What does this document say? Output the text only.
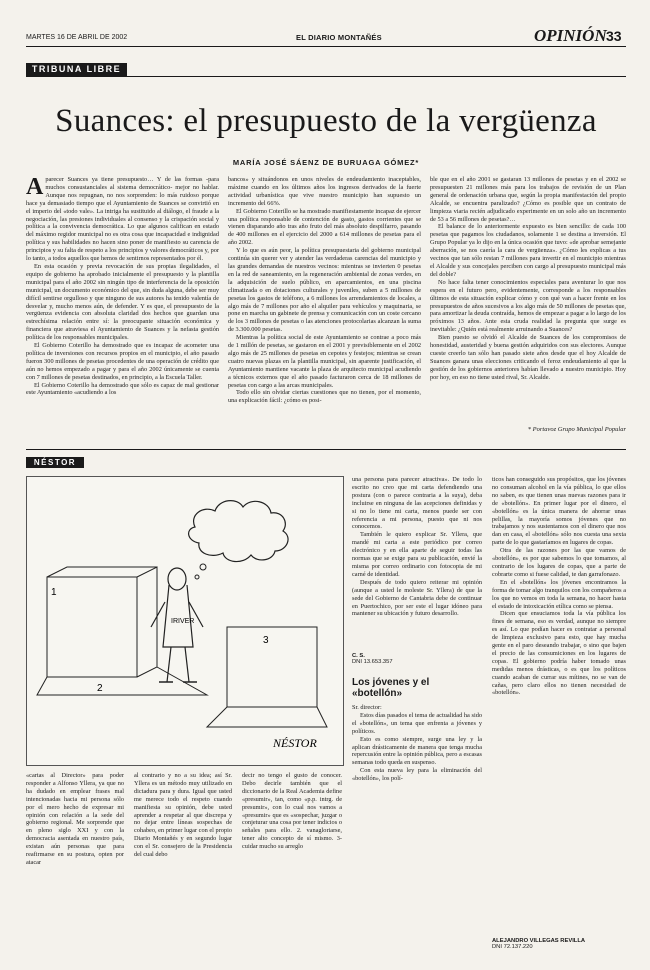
MARTES 16 DE ABRIL DE 2002	EL DIARIO MONTAÑÉS	OPINIÓN 33
TRIBUNA LIBRE
Suances: el presupuesto de la vergüenza
MARÍA JOSÉ SÁENZ DE BURUAGA GÓMEZ*

Aparecer Suances ya tiene presupuesto… Y de las formas -para muchos consustanciales al sistema democrático- mejor no hablar. Aunque nos repugnan, no nos sorprenden: lo más ruidoso porque hace ya demasiado tiempo que el Ayuntamiento de Suances se convirtió en el imperio del «todo vale». La intriga ha sustituido al diálogo, el fraude a la negociación, las presiones individuales al consenso y la crispación social y política a la convivencia democrática. Lo que algunos califican en estado del máximo regidor municipal no es otra cosa que incapacidad e indignidad política y sus habilidades no hacen sino poner de manifiesto su carencia de principios y su falta de respeto a los principios y valores democráticos y, por lo tanto, a todos aquellos que hemos de sentirnos representados por él.

En esta ocasión y previa revocación de sus propias ilegalidades, el equipo de gobierno ha aprobado inicialmente el presupuesto y la plantilla municipal para el año 2002 sin ningún tipo de interferencia de la oposición municipal, un documento económico del que, sin duda alguna, debe ser muy difícil sentirse orgulloso y que ninguno de sus autores ha tenido valentía de desvelar y, mucho menos aún, de defender. Y es que, el presupuesto de la vergüenza evidencia con absoluta claridad dos hechos que guardan una estrechísima relación entre sí: la preocupante situación económica y financiera que atraviesa el Ayuntamiento de Suances y la nefasta gestión política de los responsables municipales.

El Gobierno Coterillo ha demostrado que es incapaz de acometer una política de inversiones con recursos propios en el municipio, el año pasado fueron 300 millones de pesetas procedentes de una operación de crédito que aún no hemos empezado a pagar y para el año 2002 únicamente se cuenta con 7 millones de pesetas destinados, en principio, a la Escuela Taller.

El Gobierno Coterillo ha demostrado que sólo es capaz de mal gestionar este Ayuntamiento «acudiendo a los

bancos» y situándonos en unos niveles de endeudamiento inaceptables, máxime cuando en los últimos años los ingresos derivados de la fuerte actividad urbanística que vive nuestro municipio han supuesto un incremento del 66%.

El Gobierno Coterillo se ha mostrado manifiestamente incapaz de ejercer una política responsable de contención de gasto, gastos corrientes que se vienen disparando año tras año fruto del más absoluto despilfarro, pasando de 400 millones en el ejercicio del 2000 a 614 millones de pesetas para el año 2002.

Y lo que es aún peor, la política presupuestaria del gobierno municipal continúa sin querer ver y atender las verdaderas carencias del municipio y las grandes demandas de nuestros vecinos: mientras se invierten 0 pesetas en la red de saneamiento, en la regeneración ambiental de zonas verdes, en la adquisición de suelo público, en aparcamientos, en una piscina climatizada o en dotaciones culturales y juveniles, suben a 5 millones de pesetas los gastos de teléfono, a 6 millones los arrendamientos de locales, a algo más de 7 millones por año el alquiler para vehículos y maquinaria, se pone en marcha un gabinete de prensa y comunicación con un coste cercano de los 3 millones de pesetas o las atenciones protocolarias alcanzan la suma de 3.300.000 pesetas.

Mientras la política social de este Ayuntamiento se contrae a poco más de 1 millón de pesetas, se gastaron en el 2001 y previsiblemente en el 2002 algo más de 25 millones de pesetas en cepotes y festejos; mientras se crean cuatro nuevas plazas en la plantilla municipal, sin aparente justificación, el Ayuntamiento mantiene vacante la plaza de arquitecto municipal acudiendo a técnicos externos que el año pasado facturaron cerca de 18 millones de pesetas con cargo a las arcas municipales.

Todo ello sin olvidar ciertas cuestiones que no tienen, por el momento, una explicación fácil: ¿cómo es posi-

ble que en el año 2001 se gastaran 13 millones de pesetas y en el 2002 se presupuesten 21 millones más para los trabajos de revisión de un Plan general de ordenación urbana que, según la propia manifestación del propio Alcalde, se encuentra paralizado? ¿Cómo es posible que un contrato de limpieza viaria recién adjudicado experimente en un solo año un incremento de 53 a 56 millones de pesetas?…

El balance de lo anteriormente expuesto es bien sencillo: de cada 100 pesetas que pagamos los ciudadanos, solamente 1 se destina a inversión. El Grupo Popular ya lo dijo en la única ocasión que tuvo: «de aprobar semejante aberración, se nos caería la cara de vergüenza». ¿Cómo les explicas a tus vecinos que tan sólo restan 7 millones para invertir en el municipio mientras el Alcalde y sus concejales perciben con cargo al presupuesto municipal más del doble?

No hace falta tener conocimientos especiales para aventurar lo que nos espera en el futuro pero, evidentemente, corresponde a los responsables últimos de esta situación explicar cómo y con qué van a hacer frente en los presupuestos de años sucesivos a los algo más de 50 millones de pesetas que, para amortizar la deuda contraída, hemos de empezar a pagar a lo largo de los próximos 13 años. Ante esta cruda realidad la pregunta que surge es inevitable: ¿Quién está realmente arruinando a Suances?

Bien puesto se olvidó el Alcalde de Suances de los compromisos de honestidad, austeridad y buena gestión adquiridos con sus electores. Aunque cueste creerlo tan sólo han pasado siete años desde que el hoy Alcalde de Suances ganara unas elecciones criticando el feroz endeudamiento al que la gestión de los gobiernos anteriores habían llevado a nuestro municipio. Hoy por hoy, en eso no tiene usted rival, Sr. Alcalde.

* Portavoz Grupo Municipal Popular
NÉSTOR
IRIVER
1
2
3
NÉSTOR

una persona para parecer atractiva». De todo lo escrito no creo que mi carta defendiendo una postura (con o parece contraria a la suya), deba incluirse en ninguna de las acepciones definidas y si no lo tiene mi carta, menos puede ser con referencia a mi persona, puesto que ni nos conocemos.

También le quiero explicar Sr. Yllera, que mandé mi carta a este periódico por correo electrónico y en ella aparte de seguir todas las normas que se exige para su publicación, envié la misma por correo ordinario con fotocopia de mi carné de identidad.

Después de todo quiero reiterar mi opinión (aunque a usted le moleste Sr. Yllera) de que la sede del Gobierno de Cantabria debe de continuar en Puertochico, por ser este el lugar idóneo para mantener su ubicación y futuro desarrollo.

C. S.
DNI 13.653.357
Los jóvenes y el «botellón»

Sr. director:

Estos días pasados el tema de actualidad ha sido el «botellón», un tema que enfrenta a jóvenes y políticos.

Esto es como siempre, surge una ley y la aplican drásticamente de manera que tenga mucha repercusión entre la opinión pública, pero a escasas semanas todo queda en suspenso.

Con esta nueva ley para la eliminación del «botellón», los polí-

ticos han conseguido sus propósitos, que los jóvenes no consuman alcohol en la vía pública, lo que ellos no saben, es que tienen unas nuevas razones para ir de «botellón». En primer lugar por el dinero, el «botellón» es la única manera de ahorrar unas pelillas, la mayoría somos jóvenes que no trabajamos y nos sustentamos con el dinero que nos dan en casa, el «botellón» sólo nos cuesta una sexta parte de lo que gastaríamos en lugares de copas.

Otra de las razones por las que vamos de «botellón», es por que sabemos lo que tomamos, al contrario de los lugares de copas, que a parte de cobrarte como si fuese calidad, te dan garrafonazo.

En el «botellón» los jóvenes encontramos la forma de tomar algo tranquilos con los compañeros a los que no vemos en toda la semana, no hacer hasta el estado de intoxicación etílica como se piensa.

Dicen que ensuciamos toda la vía pública los fines de semana, eso es verdad, aunque no siempre es así. Lo que podían hacer es contratar a personal de limpieza exclusivo para esto, que hay mucha gente en el paro deseando trabajar, o sino que bajen el precio de las consumiciones en los lugares de copas. El gobierno podría haber tomado unas medidas menos drásticas, o es que los políticos cuando acaban de currar sus mítines, no se van de cañas, pero claro ellos no tienen necesidad de «botellón».

ALEJANDRO VILLEGAS REVILLA
DNI 72.137.220

«cartas al Director» para poder responder a Alfonso Yllera, ya que no ha dudado en emplear frases mal intencionadas hacia mi persona sólo por el mero hecho de expresar mi opinión con relación a la sede del gobierno regional. Me sorprende que en pleno siglo XXI y con la democracia asentada en nuestro país, existan aún personas que para reafirmarse en su postura, opten por atacar

al contrario y no a su idea; así Sr. Yllera es un método muy utilizado en dictadura para y dura. Igual que usted me merece todo el respeto cuando manifiesta su opinión, debe usted aprender a respetar al que discrepa y no dejar entre líneas sospechas de cohabeo, en primer lugar con el propio Diario Montañés y en segundo lugar con el Sr. consejero de la Presidencia del cual debo

decir no tengo el gusto de conocer. Debo decirle también que el diccionario de la Real Academia define «presumir», tan, como «p.p. intrg. de presumir», con lo cual nos vamos a «presumir» que es «sospechar, juzgar o conjeturar una cosa por tener indicios o señales para ello. 2. vanagloriarse, tener alto concepto de sí mismo. 3-cuidar mucho su arreglo
